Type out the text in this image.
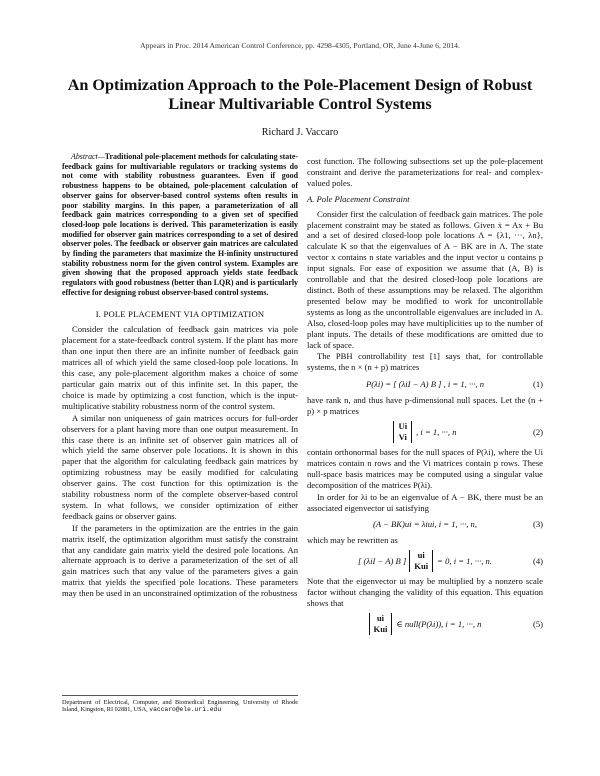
Appears in Proc. 2014 American Control Conference, pp. 4298-4305, Portland, OR, June 4-June 6, 2014.
An Optimization Approach to the Pole-Placement Design of Robust Linear Multivariable Control Systems
Richard J. Vaccaro
Abstract—Traditional pole-placement methods for calculating state-feedback gains for multivariable regulators or tracking systems do not come with stability robustness guarantees. Even if good robustness happens to be obtained, pole-placement calculation of observer gains for observer-based control systems often results in poor stability margins. In this paper, a parameterization of all feedback gain matrices corresponding to a given set of specified closed-loop pole locations is derived. This parameterization is easily modified for observer gain matrices corresponding to a set of desired observer poles. The feedback or observer gain matrices are calculated by finding the parameters that maximize the H-infinity unstructured stability robustness norm for the given control system. Examples are given showing that the proposed approach yields state feedback regulators with good robustness (better than LQR) and is particularly effective for designing robust observer-based control systems.
I. POLE PLACEMENT VIA OPTIMIZATION

Consider the calculation of feedback gain matrices via pole placement for a state-feedback control system. If the plant has more than one input then there are an infinite number of feedback gain matrices all of which yield the same closed-loop pole locations. In this case, any pole-placement algorithm makes a choice of some particular gain matrix out of this infinite set. In this paper, the choice is made by optimizing a cost function, which is the input-multiplicative stability robustness norm of the control system.

A similar non uniqueness of gain matrices occurs for full-order observers for a plant having more than one output measurement. In this case there is an infinite set of observer gain matrices all of which yield the same observer pole locations. It is shown in this paper that the algorithm for calculating feedback gain matrices by optimizing robustness may be easily modified for calculating observer gains. The cost function for this optimization is the stability robustness norm of the complete observer-based control system. In what follows, we consider optimization of either feedback gains or observer gains.

If the parameters in the optimization are the entries in the gain matrix itself, the optimization algorithm must satisfy the constraint that any candidate gain matrix yield the desired pole locations. An alternate approach is to derive a parameterization of the set of all gain matrices such that any value of the parameters gives a gain matrix that yields the specified pole locations. These parameters may then be used in an unconstrained optimization of the robustness

Department of Electrical, Computer, and Biomedical Engineering, University of Rhode Island, Kingston, RI 02881, USA, vaccaro@ele.uri.edu

cost function. The following subsections set up the pole-placement constraint and derive the parameterizations for real- and complex-valued poles.

A. Pole Placement Constraint

Consider first the calculation of feedback gain matrices. The pole placement constraint may be stated as follows. Given ẋ = Ax + Bu and a set of desired closed-loop pole locations Λ = {λ1, ···, λn}, calculate K so that the eigenvalues of A − BK are in Λ. The state vector x contains n state variables and the input vector u contains p input signals. For ease of exposition we assume that (A, B) is controllable and that the desired closed-loop pole locations are distinct. Both of these assumptions may be relaxed. The algorithm presented below may be modified to work for uncontrollable systems as long as the uncontrollable eigenvalues are included in Λ. Also, closed-loop poles may have multiplicities up to the number of plant inputs. The details of these modifications are omitted due to lack of space.

The PBH controllability test [1] says that, for controllable systems, the n × (n + p) matrices

P(λi) = [ (λiI − A) B ] , i = 1, ···, n	(1)

have rank n, and thus have p-dimensional null spaces. Let the (n + p) × p matrices

Ui
Vi
, i = 1, ···, n	(2)

contain orthonormal bases for the null spaces of P(λi), where the Ui matrices contain n rows and the Vi matrices contain p rows. These null-space basis matrices may be computed using a singular value decomposition of the matrices P(λi).

In order for λi to be an eigenvalue of A − BK, there must be an associated eigenvector ui satisfying

(A − BK)ui = λiui, i = 1, ···, n,	(3)

which may be rewritten as

[ (λiI − A) B ]
ui
Kui
= 0, i = 1, ···, n.	(4)

Note that the eigenvector ui may be multiplied by a nonzero scale factor without changing the validity of this equation. This equation shows that

ui
Kui
∈ null(P(λi)), i = 1, ···, n	(5)
